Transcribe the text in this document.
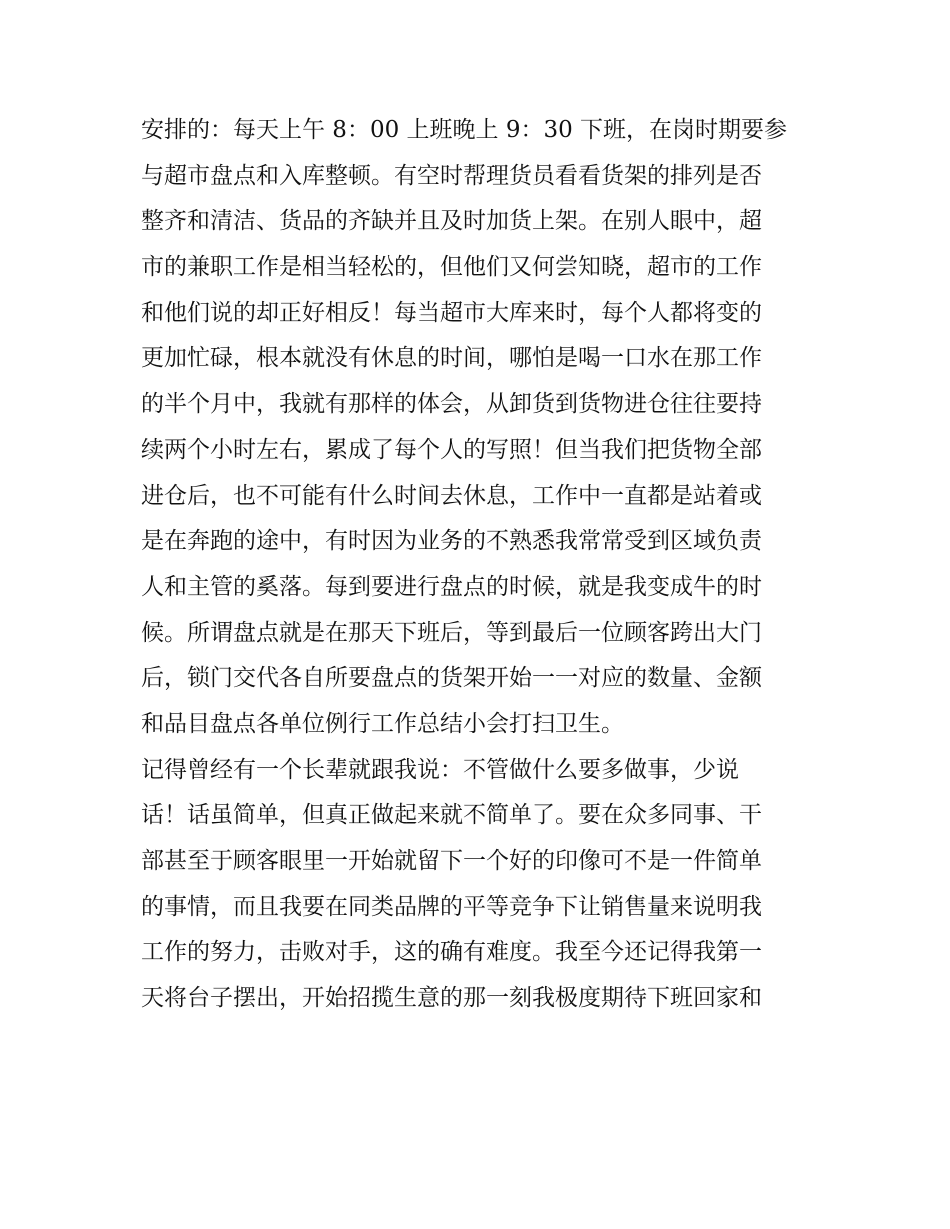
安排的：每天上午 8：00 上班晚上 9：30 下班，在岗时期要参
与超市盘点和入库整顿。有空时帮理货员看看货架的排列是否
整齐和清洁、货品的齐缺并且及时加货上架。在别人眼中，超
市的兼职工作是相当轻松的，但他们又何尝知晓，超市的工作
和他们说的却正好相反！每当超市大库来时，每个人都将变的
更加忙碌，根本就没有休息的时间，哪怕是喝一口水在那工作
的半个月中，我就有那样的体会，从卸货到货物进仓往往要持
续两个小时左右，累成了每个人的写照！但当我们把货物全部
进仓后，也不可能有什么时间去休息，工作中一直都是站着或
是在奔跑的途中，有时因为业务的不熟悉我常常受到区域负责
人和主管的奚落。每到要进行盘点的时候，就是我变成牛的时
候。所谓盘点就是在那天下班后，等到最后一位顾客跨出大门
后，锁门交代各自所要盘点的货架开始一一对应的数量、金额
和品目盘点各单位例行工作总结小会打扫卫生。
记得曾经有一个长辈就跟我说：不管做什么要多做事，少说
话！话虽简单，但真正做起来就不简单了。要在众多同事、干
部甚至于顾客眼里一开始就留下一个好的印像可不是一件简单
的事情，而且我要在同类品牌的平等竞争下让销售量来说明我
工作的努力，击败对手，这的确有难度。我至今还记得我第一
天将台子摆出，开始招揽生意的那一刻我极度期待下班回家和
